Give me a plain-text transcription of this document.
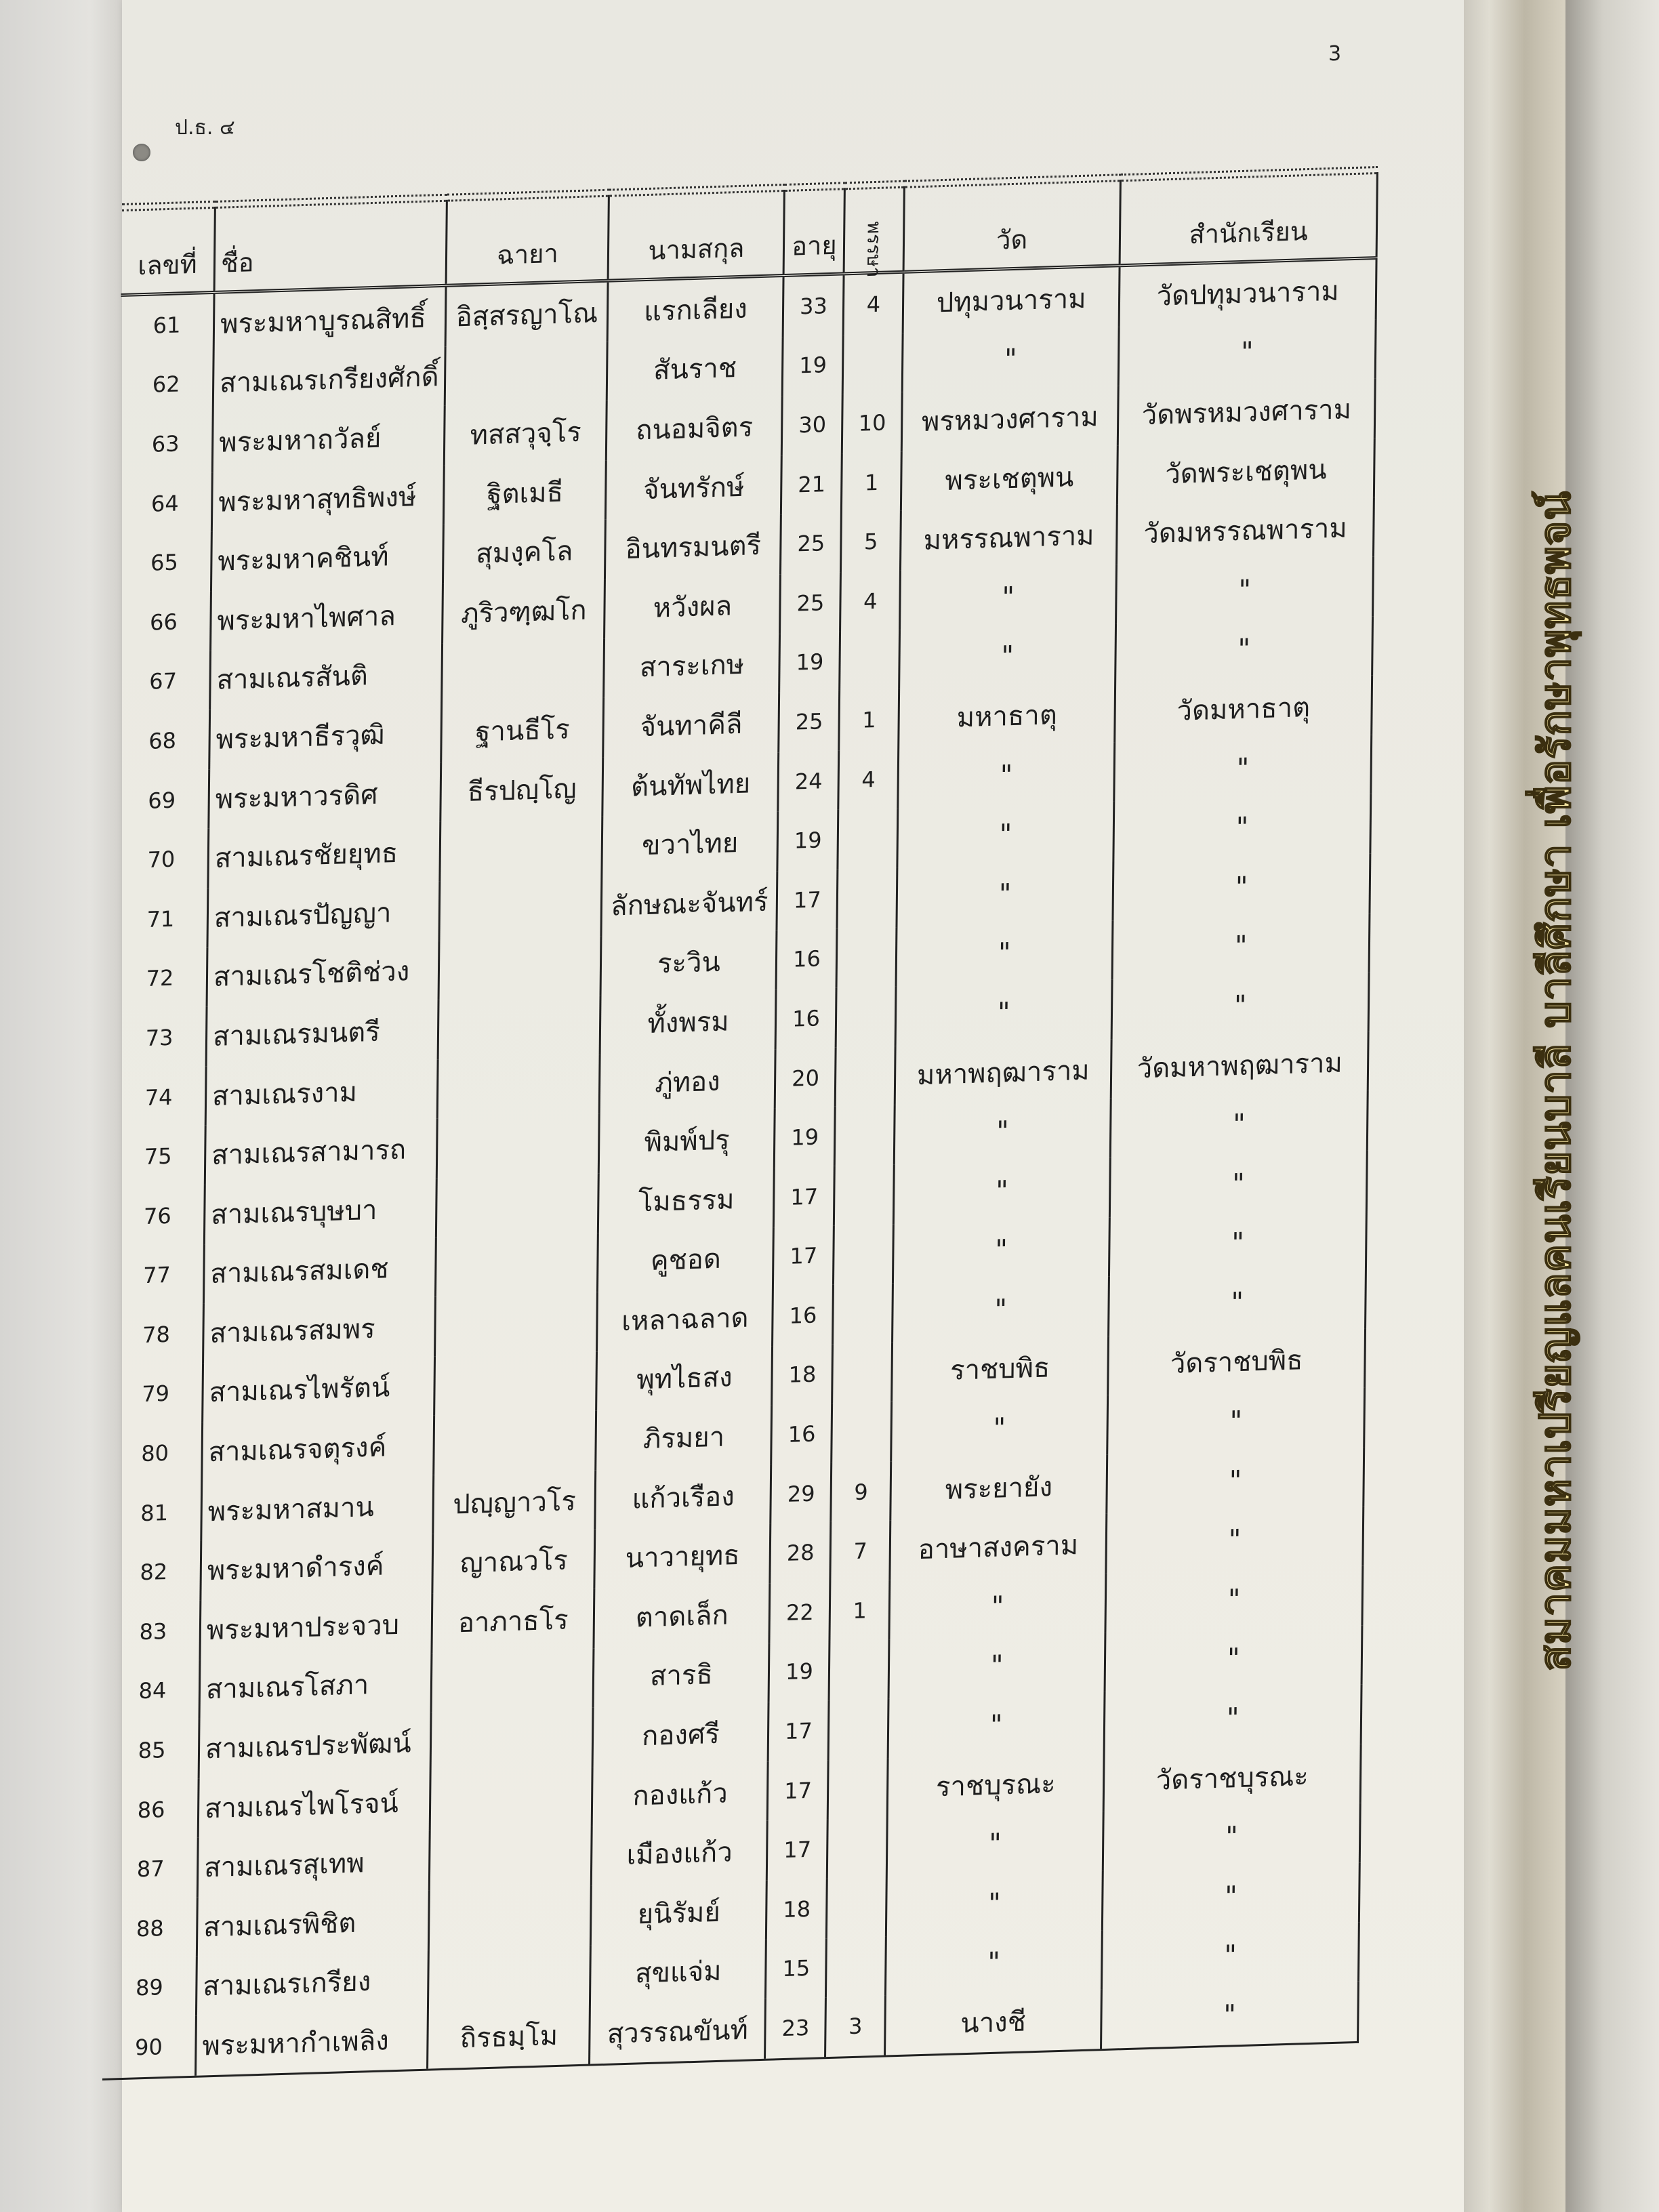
ป.ธ. ๔
3

เลขที่	ชื่อ	ฉายา	นามสกุล	อายุ	พรรษา	วัด	สำนักเรียน
61	พระมหาบูรณสิทธิ์	อิสฺสรญาโณ	แรกเลียง	33	4	ปทุมวนาราม	วัดปทุมวนาราม
62	สามเณรเกรียงศักดิ์		สันราช	19		"	"
63	พระมหาถวัลย์	ทสสวุจฺโร	ถนอมจิตร	30	10	พรหมวงศาราม	วัดพรหมวงศาราม
64	พระมหาสุทธิพงษ์	ฐิตเมธี	จันทรักษ์	21	1	พระเชตุพน	วัดพระเชตุพน
65	พระมหาคชินท์	สุมงฺคโล	อินทรมนตรี	25	5	มหรรณพาราม	วัดมหรรณพาราม
66	พระมหาไพศาล	ภูริวฑฺฒโก	หวังผล	25	4	"	"
67	สามเณรสันติ		สาระเกษ	19		"	"
68	พระมหาธีรวุฒิ	ฐานธีโร	จันทาคีลี	25	1	มหาธาตุ	วัดมหาธาตุ
69	พระมหาวรดิศ	ธีรปญฺโญ	ต้นทัพไทย	24	4	"	"
70	สามเณรชัยยุทธ		ขวาไทย	19		"	"
71	สามเณรปัญญา		ลักษณะจันทร์	17		"	"
72	สามเณรโชติช่วง		ระวิน	16		"	"
73	สามเณรมนตรี		ทั้งพรม	16		"	"
74	สามเณรงาม		ภู่ทอง	20		มหาพฤฒาราม	วัดมหาพฤฒาราม
75	สามเณรสามารถ		พิมพ์ปรุ	19		"	"
76	สามเณรบุษบา		โมธรรม	17		"	"
77	สามเณรสมเดช		คูชอด	17		"	"
78	สามเณรสมพร		เหลาฉลาด	16		"	"
79	สามเณรไพรัตน์		พุทไธสง	18		ราชบพิธ	วัดราชบพิธ
80	สามเณรจตุรงค์		ภิรมยา	16		"	"
81	พระมหาสมาน	ปญฺญาวโร	แก้วเรือง	29	9	พระยายัง	"
82	พระมหาดำรงค์	ญาณวโร	นาวายุทธ	28	7	อาษาสงคราม	"
83	พระมหาประจวบ	อาภาธโร	ตาดเล็ก	22	1	"	"
84	สามเณรโสภา		สารธิ	19		"	"
85	สามเณรประพัฒน์		กองศรี	17		"	"
86	สามเณรไพโรจน์		กองแก้ว	17		ราชบุรณะ	วัดราชบุรณะ
87	สามเณรสุเทพ		เมืองแก้ว	17		"	"
88	สามเณรพิชิต		ยุนิรัมย์	18		"	"
89	สามเณรเกรียง		สุขแจ่ม	15		"	"
90	พระมหากำเพลิง	ถิรธมฺโม	สุวรรณขันท์	23	3	นางชี	"
สมาคมมหาเปรียญแลคนเรียนบาลี บาลีศึกษา เพื่อรักษาพุทธพจน์
